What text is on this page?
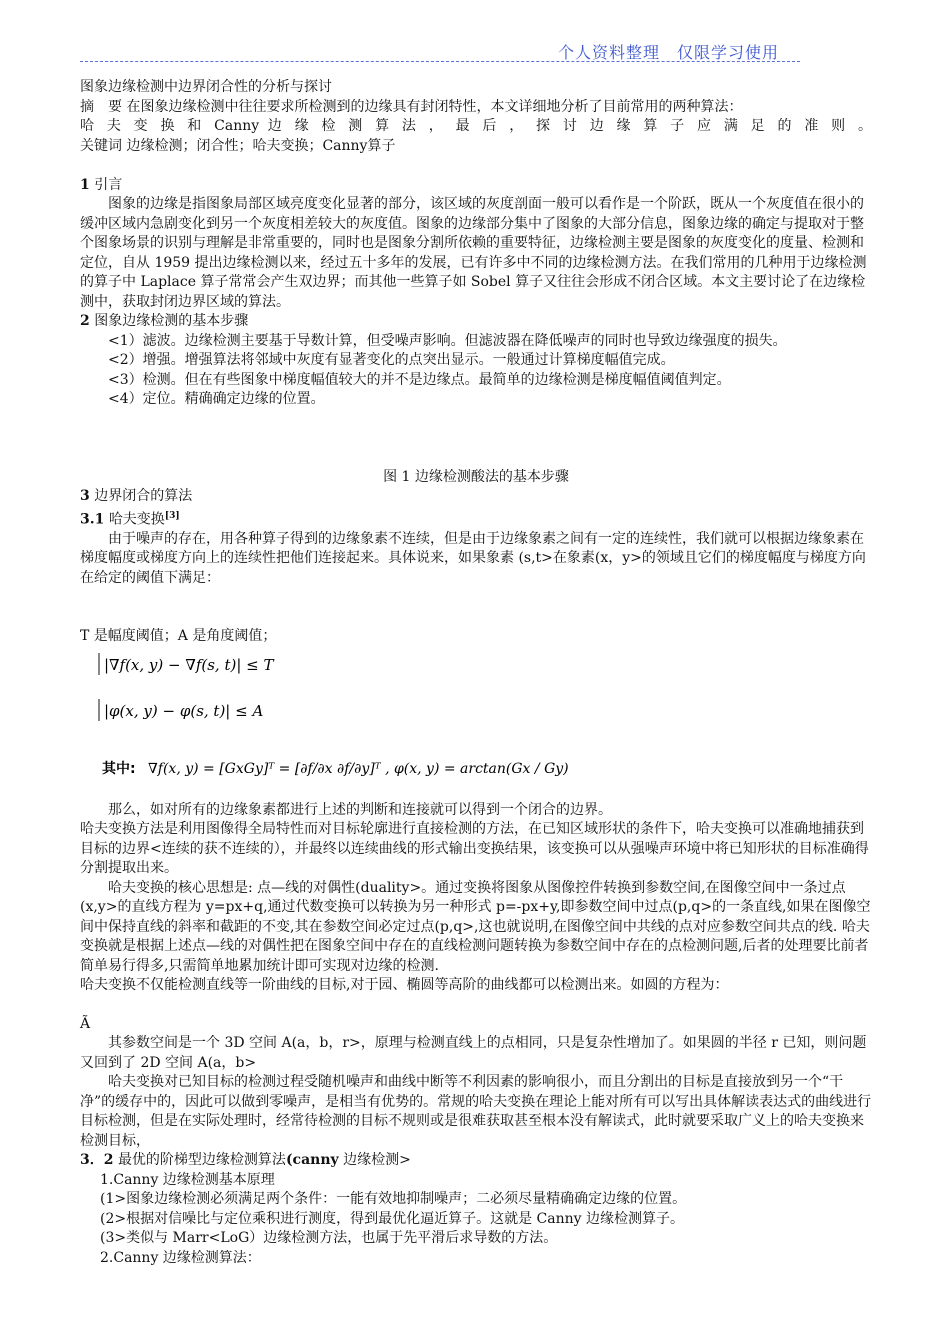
个人资料整理　仅限学习使用

图象边缘检测中边界闭合性的分析与探讨

摘　要 在图象边缘检测中往往要求所检测到的边缘具有封闭特性，本文详细地分析了目前常用的两种算法：

哈 夫 变 换 和 Canny 边 缘 检 测 算 法 ， 最 后 ， 探 讨 边 缘 算 子 应 满 足 的 准 则 。

关键词 边缘检测；闭合性；哈夫变换；Canny算子

1 引言

图象的边缘是指图象局部区域亮度变化显著的部分，该区域的灰度剖面一般可以看作是一个阶跃，既从一个灰度值在很小的缓冲区域内急剧变化到另一个灰度相差较大的灰度值。图象的边缘部分集中了图象的大部分信息，图象边缘的确定与提取对于整个图象场景的识别与理解是非常重要的，同时也是图象分割所依赖的重要特征，边缘检测主要是图象的灰度变化的度量、检测和定位，自从 1959 提出边缘检测以来，经过五十多年的发展，已有许多中不同的边缘检测方法。在我们常用的几种用于边缘检测的算子中 Laplace 算子常常会产生双边界；而其他一些算子如 Sobel 算子又往往会形成不闭合区域。本文主要讨论了在边缘检测中，获取封闭边界区域的算法。

2 图象边缘检测的基本步骤

<1）滤波。边缘检测主要基于导数计算，但受噪声影响。但滤波器在降低噪声的同时也导致边缘强度的损失。

<2）增强。增强算法将邻域中灰度有显著变化的点突出显示。一般通过计算梯度幅值完成。

<3）检测。但在有些图象中梯度幅值较大的并不是边缘点。最简单的边缘检测是梯度幅值阈值判定。

<4）定位。精确确定边缘的位置。

图 1 边缘检测酸法的基本步骤

3 边界闭合的算法

3.1 哈夫变换[3]

由于噪声的存在，用各种算子得到的边缘象素不连续，但是由于边缘象素之间有一定的连续性，我们就可以根据边缘象素在梯度幅度或梯度方向上的连续性把他们连接起来。具体说来，如果象素 (s,t>在象素(x，y>的领域且它们的梯度幅度与梯度方向在给定的阈值下满足：

T 是幅度阈值；A 是角度阈值；

|∇f(x, y) − ∇f(s, t)| ≤ T
|φ(x, y) − φ(s, t)| ≤ A
其中: ∇f(x, y) = [GxGy]ᵀ = [∂f/∂x ∂f/∂y]ᵀ , φ(x, y) = arctan(Gx / Gy)

那么，如对所有的边缘象素都进行上述的判断和连接就可以得到一个闭合的边界。

哈夫变换方法是利用图像得全局特性而对目标轮廓进行直接检测的方法，在已知区域形状的条件下，哈夫变换可以准确地捕获到目标的边界<连续的获不连续的），并最终以连续曲线的形式输出变换结果，该变换可以从强噪声环境中将已知形状的目标准确得分割提取出来。

哈夫变换的核心思想是: 点—线的对偶性(duality>。通过变换将图象从图像控件转换到参数空间,在图像空间中一条过点(x,y>的直线方程为 y=px+q,通过代数变换可以转换为另一种形式 p=-px+y,即参数空间中过点(p,q>的一条直线,如果在图像空间中保持直线的斜率和截距的不变,其在参数空间必定过点(p,q>,这也就说明,在图像空间中共线的点对应参数空间共点的线. 哈夫变换就是根据上述点—线的对偶性把在图象空间中存在的直线检测问题转换为参数空间中存在的点检测问题,后者的处理要比前者简单易行得多,只需简单地累加统计即可实现对边缘的检测.

哈夫变换不仅能检测直线等一阶曲线的目标,对于园、椭圆等高阶的曲线都可以检测出来。如圆的方程为：

Ã

其参数空间是一个 3D 空间 A(a，b，r>，原理与检测直线上的点相同，只是复杂性增加了。如果圆的半径 r 已知，则问题又回到了 2D 空间 A(a，b>

哈夫变换对已知目标的检测过程受随机噪声和曲线中断等不利因素的影响很小，而且分割出的目标是直接放到另一个“干净”的缓存中的，因此可以做到零噪声，是相当有优势的。常规的哈夫变换在理论上能对所有可以写出具体解读表达式的曲线进行目标检测，但是在实际处理时，经常待检测的目标不规则或是很难获取甚至根本没有解读式，此时就要采取广义上的哈夫变换来检测目标，

3．2 最优的阶梯型边缘检测算法(canny 边缘检测>

1.Canny 边缘检测基本原理

(1>图象边缘检测必须满足两个条件：一能有效地抑制噪声；二必须尽量精确确定边缘的位置。

(2>根据对信噪比与定位乘积进行测度，得到最优化逼近算子。这就是 Canny 边缘检测算子。

(3>类似与 Marr<LoG）边缘检测方法，也属于先平滑后求导数的方法。

2.Canny 边缘检测算法：
